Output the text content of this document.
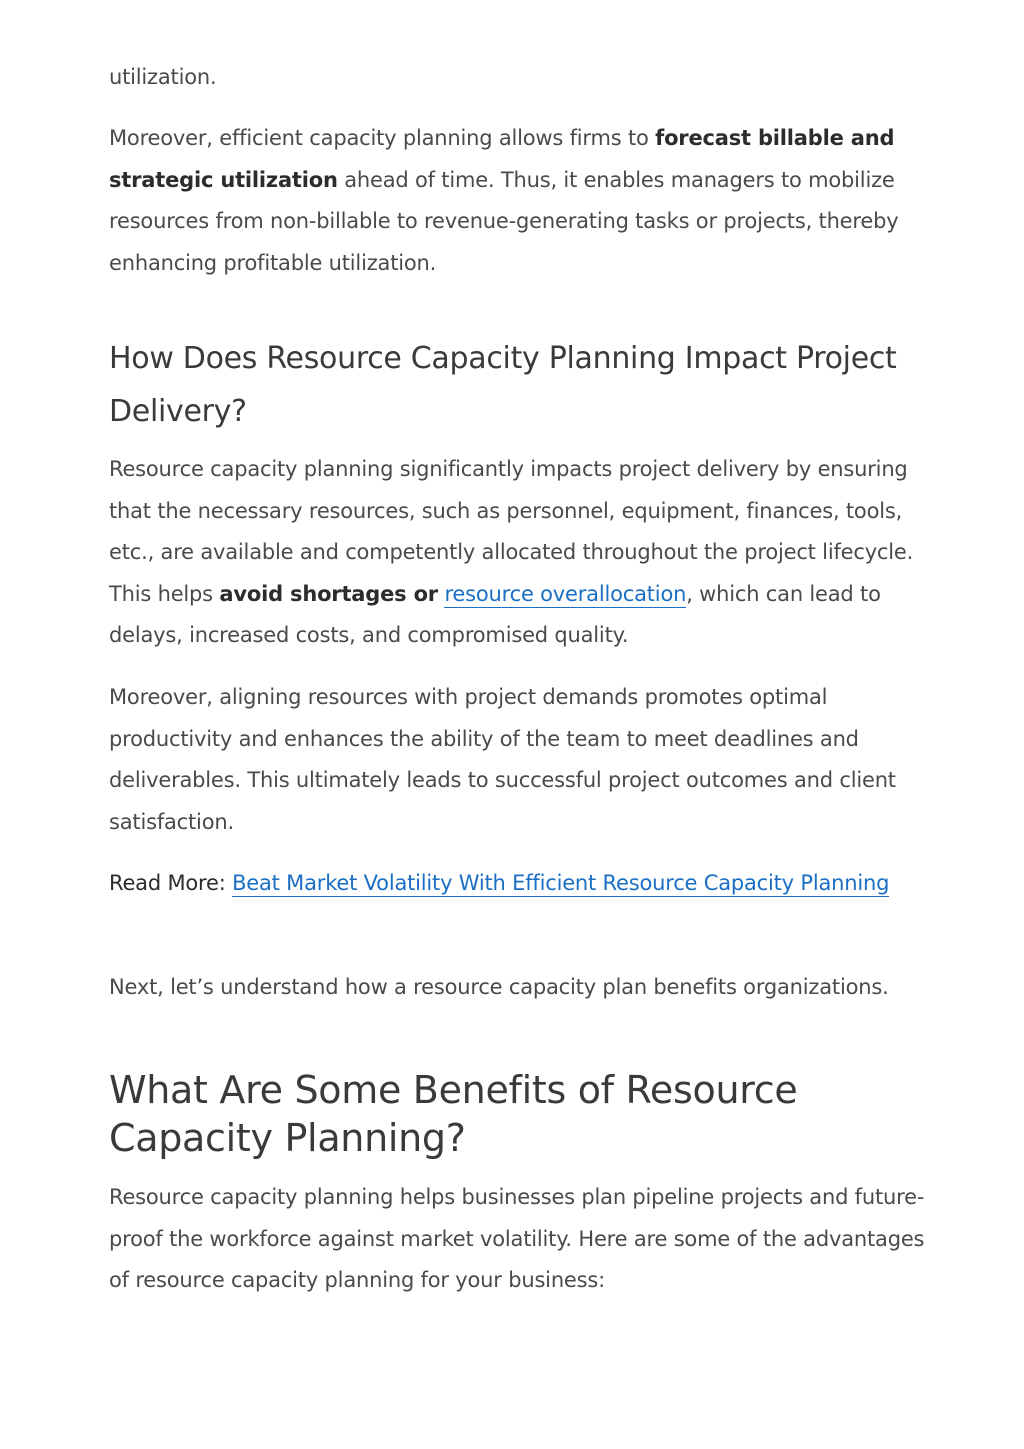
utilization.

Moreover, efficient capacity planning allows firms to forecast billable and strategic utilization ahead of time. Thus, it enables managers to mobilize resources from non-billable to revenue-generating tasks or projects, thereby enhancing profitable utilization.

How Does Resource Capacity Planning Impact Project Delivery?

Resource capacity planning significantly impacts project delivery by ensuring that the necessary resources, such as personnel, equipment, finances, tools, etc., are available and competently allocated throughout the project lifecycle. This helps avoid shortages or resource overallocation, which can lead to delays, increased costs, and compromised quality.

Moreover, aligning resources with project demands promotes optimal productivity and enhances the ability of the team to meet deadlines and deliverables. This ultimately leads to successful project outcomes and client satisfaction.

Read More: Beat Market Volatility With Efficient Resource Capacity Planning

Next, let’s understand how a resource capacity plan benefits organizations.

What Are Some Benefits of Resource Capacity Planning?

Resource capacity planning helps businesses plan pipeline projects and future-proof the workforce against market volatility. Here are some of the advantages of resource capacity planning for your business:
